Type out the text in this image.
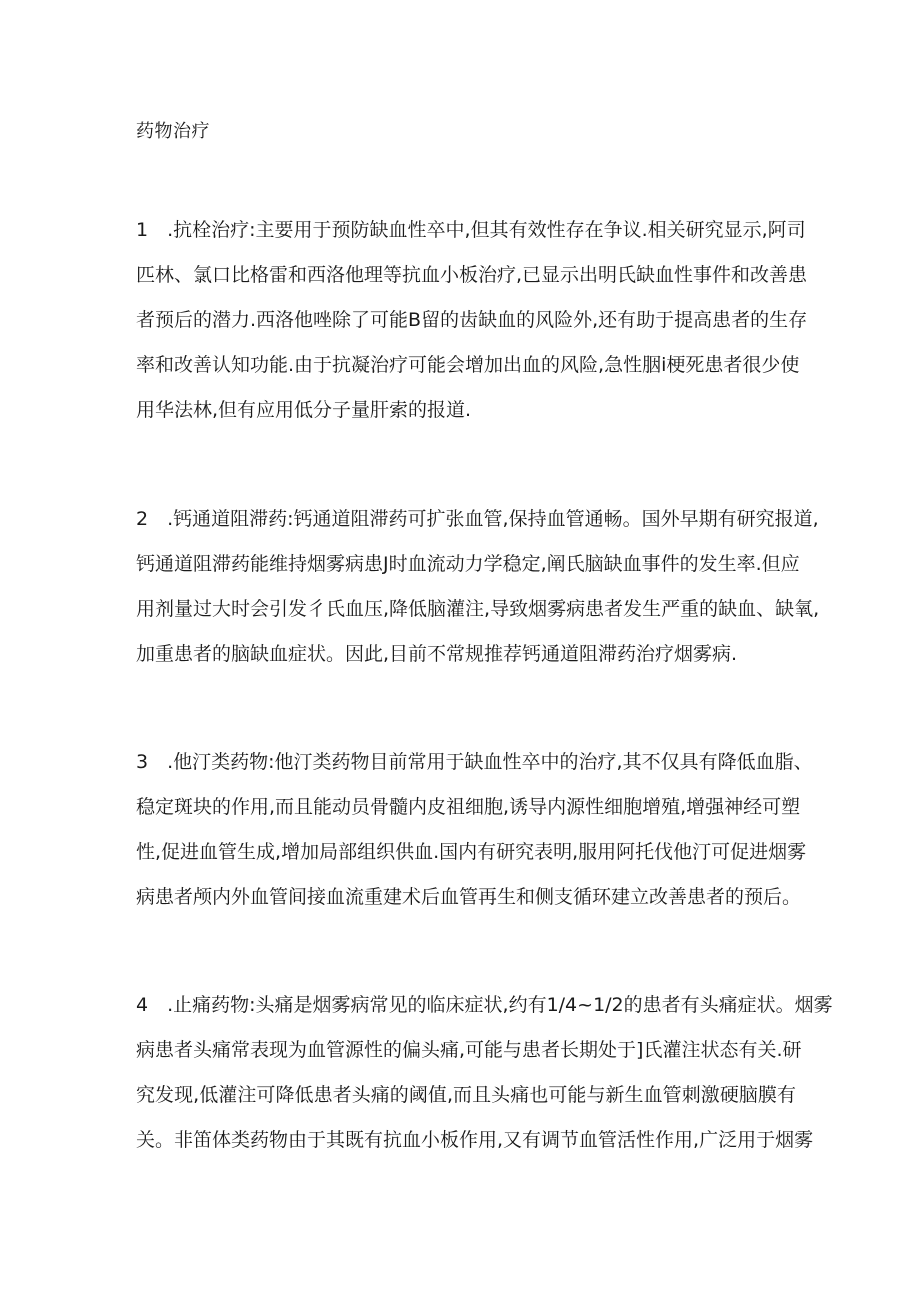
药物治疗
1　.抗栓治疗:主要用于预防缺血性卒中,但其有效性存在争议.相关研究显示,阿司
匹林、氯口比格雷和西洛他理等抗血小板治疗,已显示出明氏缺血性事件和改善患
者预后的潜力.西洛他唑除了可能B留的齿缺血的风险外,还有助于提高患者的生存
率和改善认知功能.由于抗凝治疗可能会增加出血的风险,急性胭i梗死患者很少使
用华法林,但有应用低分子量肝索的报道.
2　.钙通道阻滞药:钙通道阻滞药可扩张血管,保持血管通畅。国外早期有研究报道,
钙通道阻滞药能维持烟雾病患J时血流动力学稳定,阐氏脑缺血事件的发生率.但应
用剂量过大时会引发彳氏血压,降低脑灌注,导致烟雾病患者发生严重的缺血、缺氧,
加重患者的脑缺血症状。因此,目前不常规推荐钙通道阻滞药治疗烟雾病.
3　.他汀类药物:他汀类药物目前常用于缺血性卒中的治疗,其不仅具有降低血脂、
稳定斑块的作用,而且能动员骨髓内皮祖细胞,诱导内源性细胞增殖,增强神经可塑
性,促进血管生成,增加局部组织供血.国内有研究表明,服用阿托伐他汀可促进烟雾
病患者颅内外血管间接血流重建术后血管再生和侧支循环建立改善患者的预后。
4　.止痛药物:头痛是烟雾病常见的临床症状,约有1/4~1/2的患者有头痛症状。烟雾
病患者头痛常表现为血管源性的偏头痛,可能与患者长期处于]氏灌注状态有关.研
究发现,低灌注可降低患者头痛的阈值,而且头痛也可能与新生血管刺激硬脑膜有
关。非笛体类药物由于其既有抗血小板作用,又有调节血管活性作用,广泛用于烟雾
